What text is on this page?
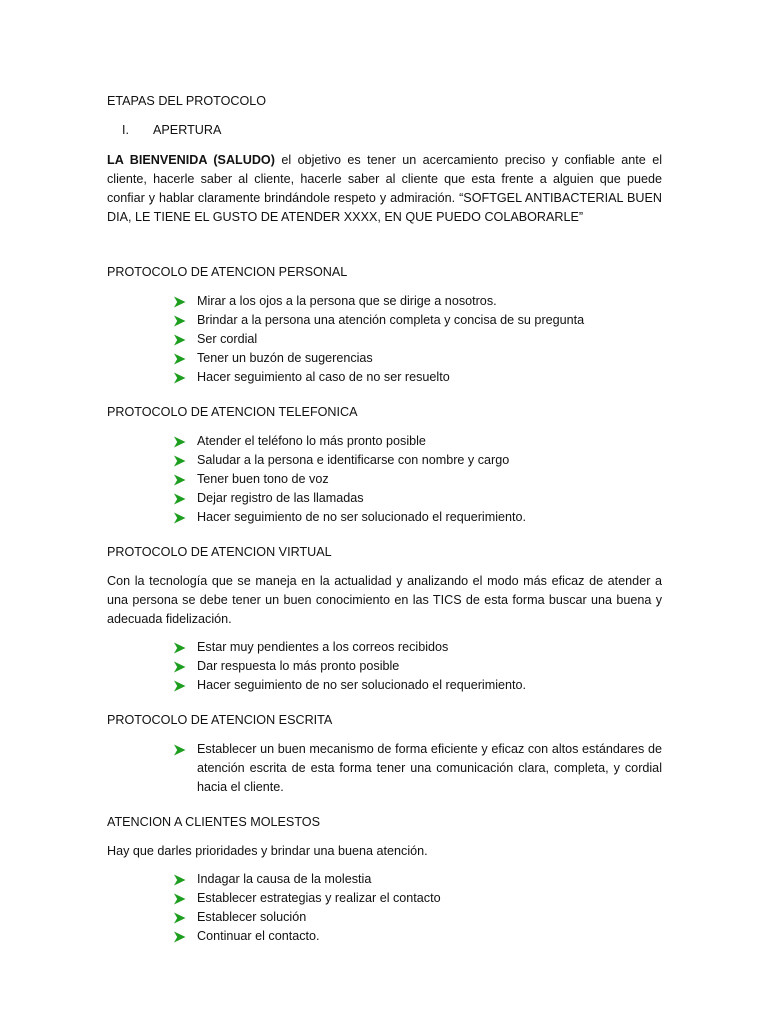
ETAPAS DEL PROTOCOLO
I.	APERTURA
LA BIENVENIDA (SALUDO) el objetivo es tener un acercamiento preciso y confiable ante el cliente, hacerle saber al cliente, hacerle saber al cliente que esta frente a alguien que puede confiar y hablar claramente brindándole respeto y admiración. “SOFTGEL ANTIBACTERIAL BUEN DIA, LE TIENE EL GUSTO DE ATENDER XXXX, EN QUE PUEDO COLABORARLE”
PROTOCOLO DE ATENCION PERSONAL
Mirar a los ojos a la persona que se dirige a nosotros.
Brindar a la persona una atención completa y concisa de su pregunta
Ser cordial
Tener un buzón de sugerencias
Hacer seguimiento al caso de no ser resuelto
PROTOCOLO DE ATENCION TELEFONICA
Atender el teléfono lo más pronto posible
Saludar a la persona e identificarse con nombre y cargo
Tener buen tono de voz
Dejar registro de las llamadas
Hacer seguimiento de no ser solucionado el requerimiento.
PROTOCOLO DE ATENCION VIRTUAL
Con la tecnología que se maneja en la actualidad y analizando el modo más eficaz de atender a una persona se debe tener un buen conocimiento en las TICS de esta forma buscar una buena y adecuada fidelización.
Estar muy pendientes a los correos recibidos
Dar respuesta lo más pronto posible
Hacer seguimiento de no ser solucionado el requerimiento.
PROTOCOLO DE ATENCION ESCRITA
Establecer un buen mecanismo de forma eficiente y eficaz con altos estándares de atención escrita de esta forma tener una comunicación clara, completa, y cordial hacia el cliente.
ATENCION A CLIENTES MOLESTOS
Hay que darles prioridades y brindar una buena atención.
Indagar la causa de la molestia
Establecer estrategias y realizar el contacto
Establecer solución
Continuar el contacto.
